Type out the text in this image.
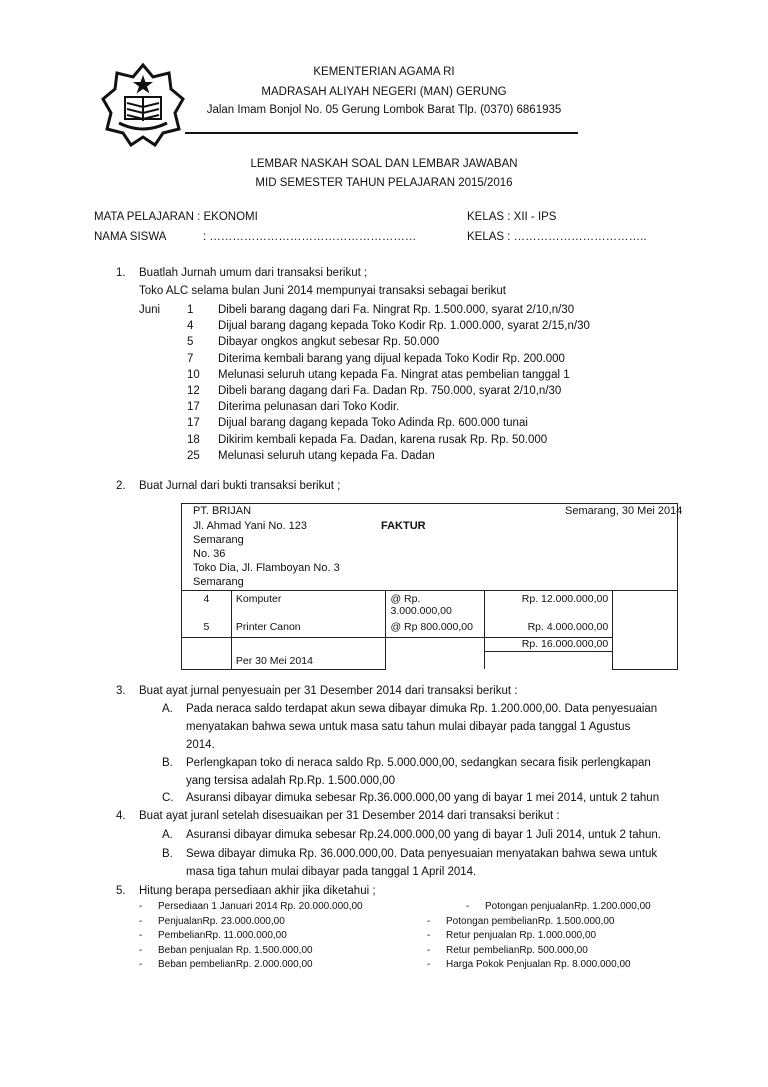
KEMENTERIAN AGAMA RI
MADRASAH ALIYAH NEGERI (MAN) GERUNG
Jalan Imam Bonjol No. 05 Gerung Lombok Barat Tlp. (0370) 6861935
LEMBAR NASKAH SOAL DAN LEMBAR JAWABAN
MID SEMESTER TAHUN PELAJARAN 2015/2016
MATA PELAJARAN : EKONOMI
NAMA SISWA	: ………………………………………………
KELAS : XII - IPS
KELAS : ……………………………..
1. Buatlah Jurnah umum dari transaksi berikut ;
Toko ALC selama bulan Juni 2014 mempunyai transaksi sebagai berikut
Juni 1 Dibeli barang dagang dari Fa. Ningrat Rp. 1.500.000, syarat 2/10,n/30
4 Dijual barang dagang kepada Toko Kodir Rp. 1.000.000, syarat 2/15,n/30
5 Dibayar ongkos angkut sebesar Rp. 50.000
7 Diterima kembali barang yang dijual kepada Toko Kodir Rp. 200.000
10 Melunasi seluruh utang kepada Fa. Ningrat atas pembelian tanggal 1
12 Dibeli barang dagang dari Fa. Dadan Rp. 750.000, syarat 2/10,n/30
17 Diterima pelunasan dari Toko Kodir.
17 Dijual barang dagang kepada Toko Adinda Rp. 600.000 tunai
18 Dikirim kembali kepada Fa. Dadan, karena rusak Rp. Rp. 50.000
25 Melunasi seluruh utang kepada Fa. Dadan
2. Buat Jurnal dari bukti transaksi berikut ;
PT. BRIJAN	Semarang, 30 Mei 2014
Jl. Ahmad Yani No. 123	FAKTUR
Semarang
No. 36
Toko Dia, Jl. Flamboyan No. 3
Semarang
4	Komputer	@ Rp. 3.000.000,00	Rp. 12.000.000,00	
5	Printer Canon	@ Rp 800.000,00	Rp. 4.000.000,00	
	Per 30 Mei 2014		Rp. 16.000.000,00	

3. Buat ayat jurnal penyesuain per 31 Desember 2014 dari transaksi berikut :
A. Pada neraca saldo terdapat akun sewa dibayar dimuka Rp. 1.200.000,00. Data penyesuaian
menyatakan bahwa sewa untuk masa satu tahun mulai dibayar pada tanggal 1 Agustus
2014.
B. Perlengkapan toko di neraca saldo Rp. 5.000.000,00, sedangkan secara fisik perlengkapan
yang tersisa adalah Rp.Rp. 1.500.000,00
C. Asuransi dibayar dimuka sebesar Rp.36.000.000,00 yang di bayar 1 mei 2014, untuk 2 tahun
4. Buat ayat juranl setelah disesuaikan per 31 Desember 2014 dari transaksi berikut :
A. Asuransi dibayar dimuka sebesar Rp.24.000.000,00 yang di bayar 1 Juli 2014, untuk 2 tahun.
B. Sewa dibayar dimuka Rp. 36.000.000,00. Data penyesuaian menyatakan bahwa sewa untuk
masa tiga tahun mulai dibayar pada tanggal 1 April 2014.
5. Hitung berapa persediaan akhir jika diketahui ;
- Persediaan 1 Januari 2014 Rp. 20.000.000,00
- PenjualanRp. 23.000.000,00
- PembelianRp. 11.000.000,00
- Beban penjualan Rp. 1.500.000,00
- Beban pembelianRp. 2.000.000,00
- Potongan penjualanRp. 1.200.000,00
- Potongan pembelianRp. 1.500.000,00
- Retur penjualan Rp. 1.000.000,00
- Retur pembelianRp. 500.000,00
- Harga Pokok Penjualan Rp. 8.000.000,00
